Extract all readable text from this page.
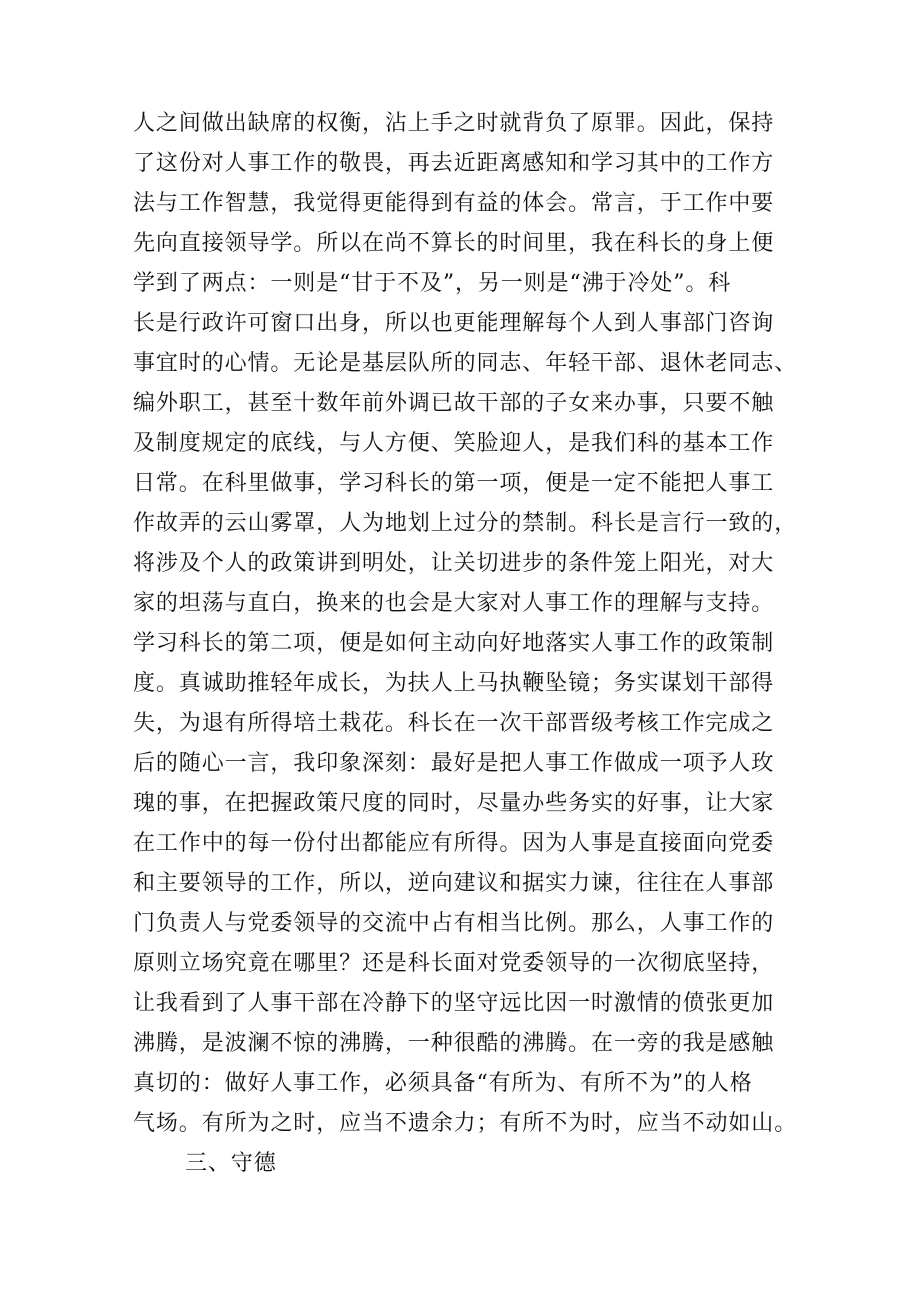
人之间做出缺席的权衡，沾上手之时就背负了原罪。因此，保持
了这份对人事工作的敬畏，再去近距离感知和学习其中的工作方
法与工作智慧，我觉得更能得到有益的体会。常言，于工作中要
先向直接领导学。所以在尚不算长的时间里，我在科长的身上便
学到了两点：一则是“甘于不及”，另一则是“沸于冷处”。科
长是行政许可窗口出身，所以也更能理解每个人到人事部门咨询
事宜时的心情。无论是基层队所的同志、年轻干部、退休老同志、
编外职工，甚至十数年前外调已故干部的子女来办事，只要不触
及制度规定的底线，与人方便、笑脸迎人，是我们科的基本工作
日常。在科里做事，学习科长的第一项，便是一定不能把人事工
作故弄的云山雾罩，人为地划上过分的禁制。科长是言行一致的，
将涉及个人的政策讲到明处，让关切进步的条件笼上阳光，对大
家的坦荡与直白，换来的也会是大家对人事工作的理解与支持。
学习科长的第二项，便是如何主动向好地落实人事工作的政策制
度。真诚助推轻年成长，为扶人上马执鞭坠镜；务实谋划干部得
失，为退有所得培土栽花。科长在一次干部晋级考核工作完成之
后的随心一言，我印象深刻：最好是把人事工作做成一项予人玫
瑰的事，在把握政策尺度的同时，尽量办些务实的好事，让大家
在工作中的每一份付出都能应有所得。因为人事是直接面向党委
和主要领导的工作，所以，逆向建议和据实力谏，往往在人事部
门负责人与党委领导的交流中占有相当比例。那么，人事工作的
原则立场究竟在哪里？还是科长面对党委领导的一次彻底坚持，
让我看到了人事干部在冷静下的坚守远比因一时激情的偾张更加
沸腾，是波澜不惊的沸腾，一种很酷的沸腾。在一旁的我是感触
真切的：做好人事工作，必须具备“有所为、有所不为”的人格
气场。有所为之时，应当不遗余力；有所不为时，应当不动如山。
三、守德
